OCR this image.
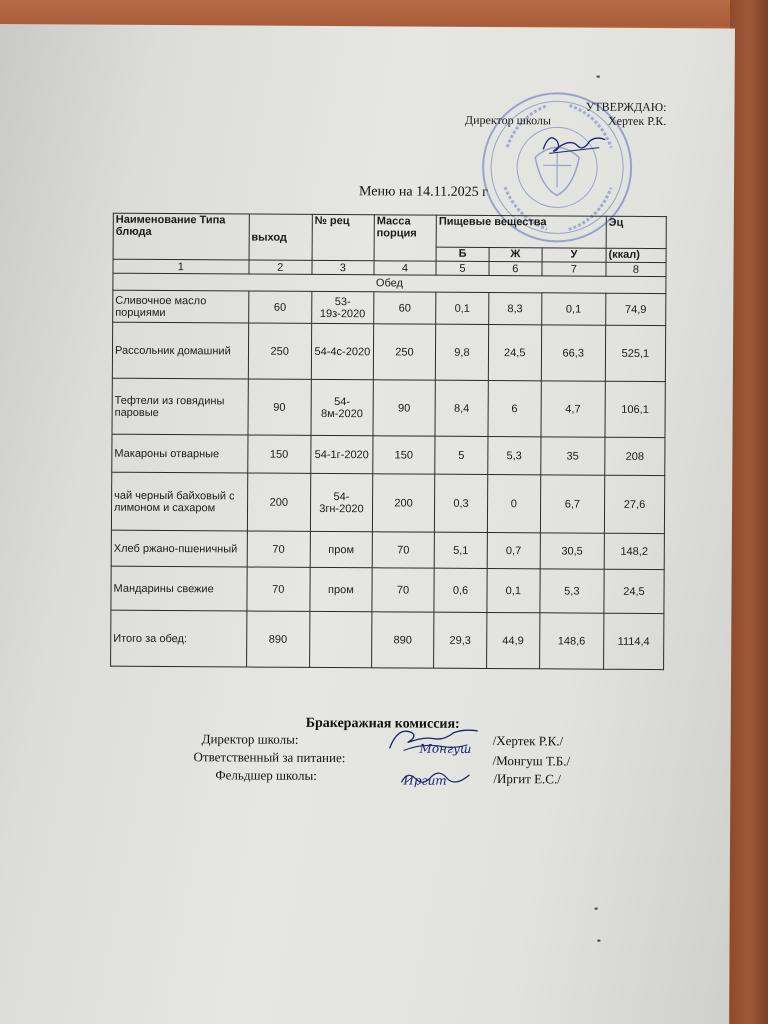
УТВЕРЖДАЮ:
Директор школы	Хертек Р.К.
Меню на 14.11.2025 г
Наименование Типа блюда	выход	№ рец	Масса порция	Пищевые вещества			Эц
				Б	Ж	У	(ккал)
1	2	3	4	5	6	7	8
Обед							
Сливочное масло порциями	60	53-19з-2020	60	0,1	8,3	0,1	74,9
Рассольник домашний	250	54-4с-2020	250	9,8	24,5	66,3	525,1
Тефтели из говядины паровые	90	54-8м-2020	90	8,4	6	4,7	106,1
Макароны отварные	150	54-1г-2020	150	5	5,3	35	208
чай черный байховый с лимоном и сахаром	200	54-3гн-2020	200	0,3	0	6,7	27,6
Хлеб ржано-пшеничный	70	пром	70	5,1	0,7	30,5	148,2
Мандарины свежие	70	пром	70	0,6	0,1	5,3	24,5
Итого за обед:	890		890	29,3	44,9	148,6	1114,4
Бракеражная комиссия:
Директор школы:	/Хертек Р.К./
Ответственный за питание:	/Монгуш Т.Б./
Фельдшер школы:	/Иргит Е.С./
Монгуш
Иргит
